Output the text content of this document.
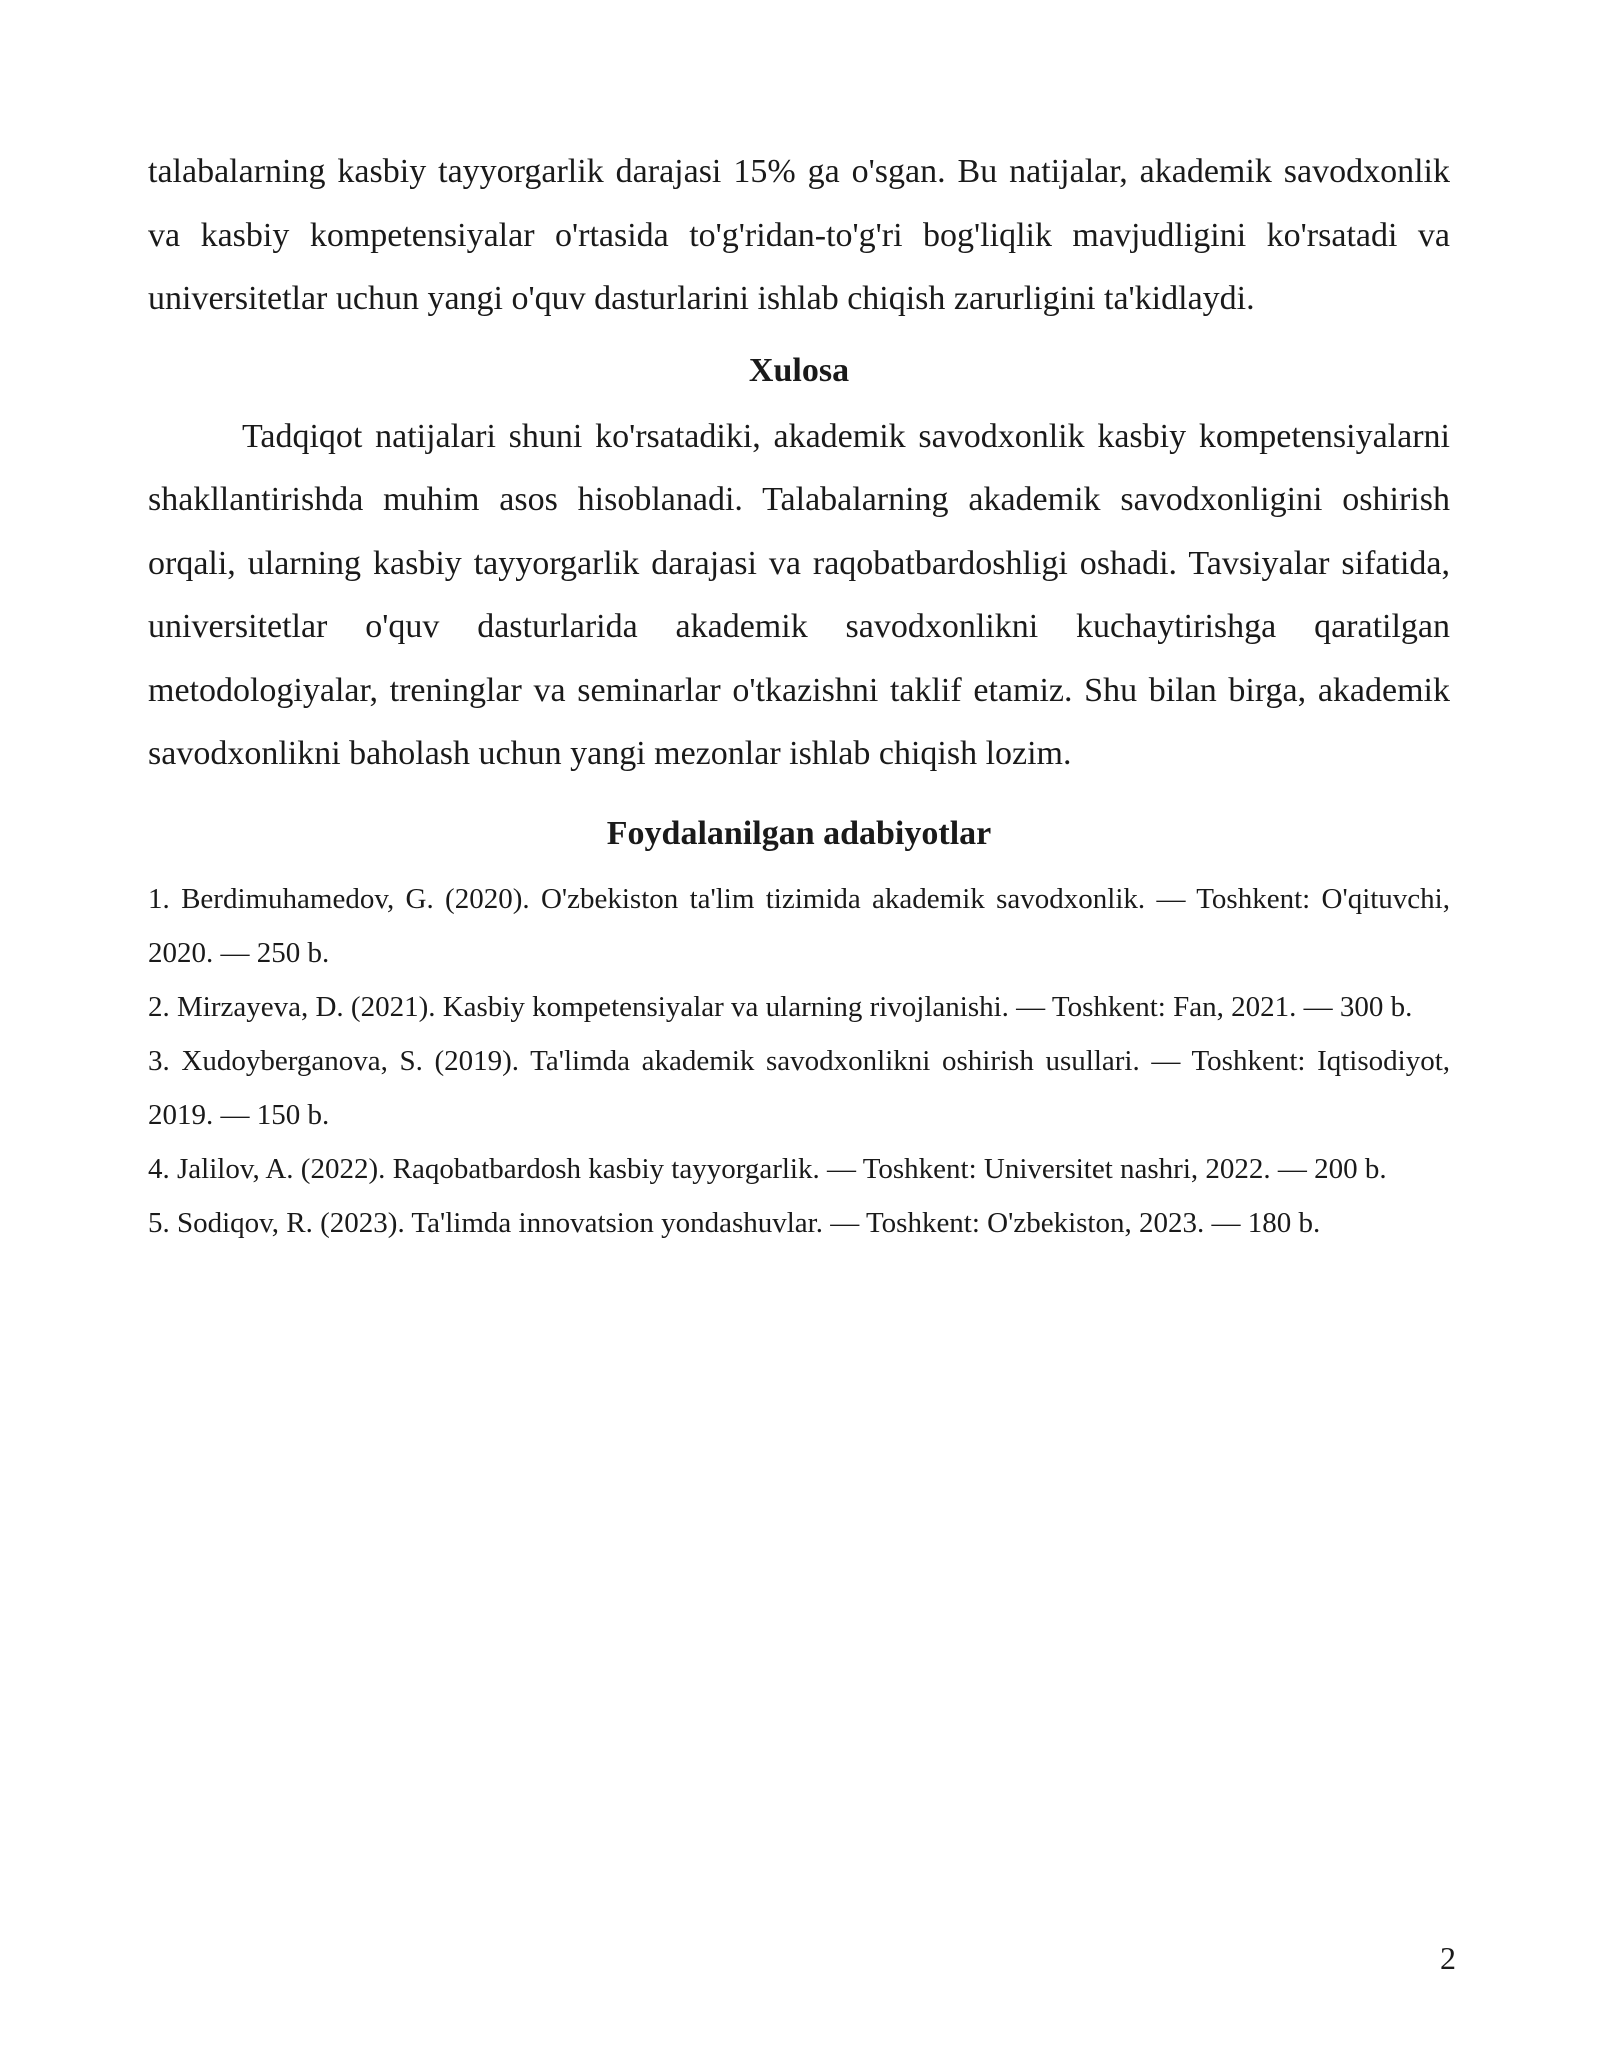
talabalarning kasbiy tayyorgarlik darajasi 15% ga o'sgan. Bu natijalar, akademik savodxonlik va kasbiy kompetensiyalar o'rtasida to'g'ridan-to'g'ri bog'liqlik mavjudligini ko'rsatadi va universitetlar uchun yangi o'quv dasturlarini ishlab chiqish zarurligini ta'kidlaydi.

Xulosa

Tadqiqot natijalari shuni ko'rsatadiki, akademik savodxonlik kasbiy kompetensiyalarni shakllantirishda muhim asos hisoblanadi. Talabalarning akademik savodxonligini oshirish orqali, ularning kasbiy tayyorgarlik darajasi va raqobatbardoshligi oshadi. Tavsiyalar sifatida, universitetlar o'quv dasturlarida akademik savodxonlikni kuchaytirishga qaratilgan metodologiyalar, treninglar va seminarlar o'tkazishni taklif etamiz. Shu bilan birga, akademik savodxonlikni baholash uchun yangi mezonlar ishlab chiqish lozim.

Foydalanilgan adabiyotlar
1. Berdimuhamedov, G. (2020). O'zbekiston ta'lim tizimida akademik savodxonlik. — Toshkent: O'qituvchi, 2020. — 250 b.
2. Mirzayeva, D. (2021). Kasbiy kompetensiyalar va ularning rivojlanishi. — Toshkent: Fan, 2021. — 300 b.
3. Xudoyberganova, S. (2019). Ta'limda akademik savodxonlikni oshirish usullari. — Toshkent: Iqtisodiyot, 2019. — 150 b.
4. Jalilov, A. (2022). Raqobatbardosh kasbiy tayyorgarlik. — Toshkent: Universitet nashri, 2022. — 200 b.
5. Sodiqov, R. (2023). Ta'limda innovatsion yondashuvlar. — Toshkent: O'zbekiston, 2023. — 180 b.
2
